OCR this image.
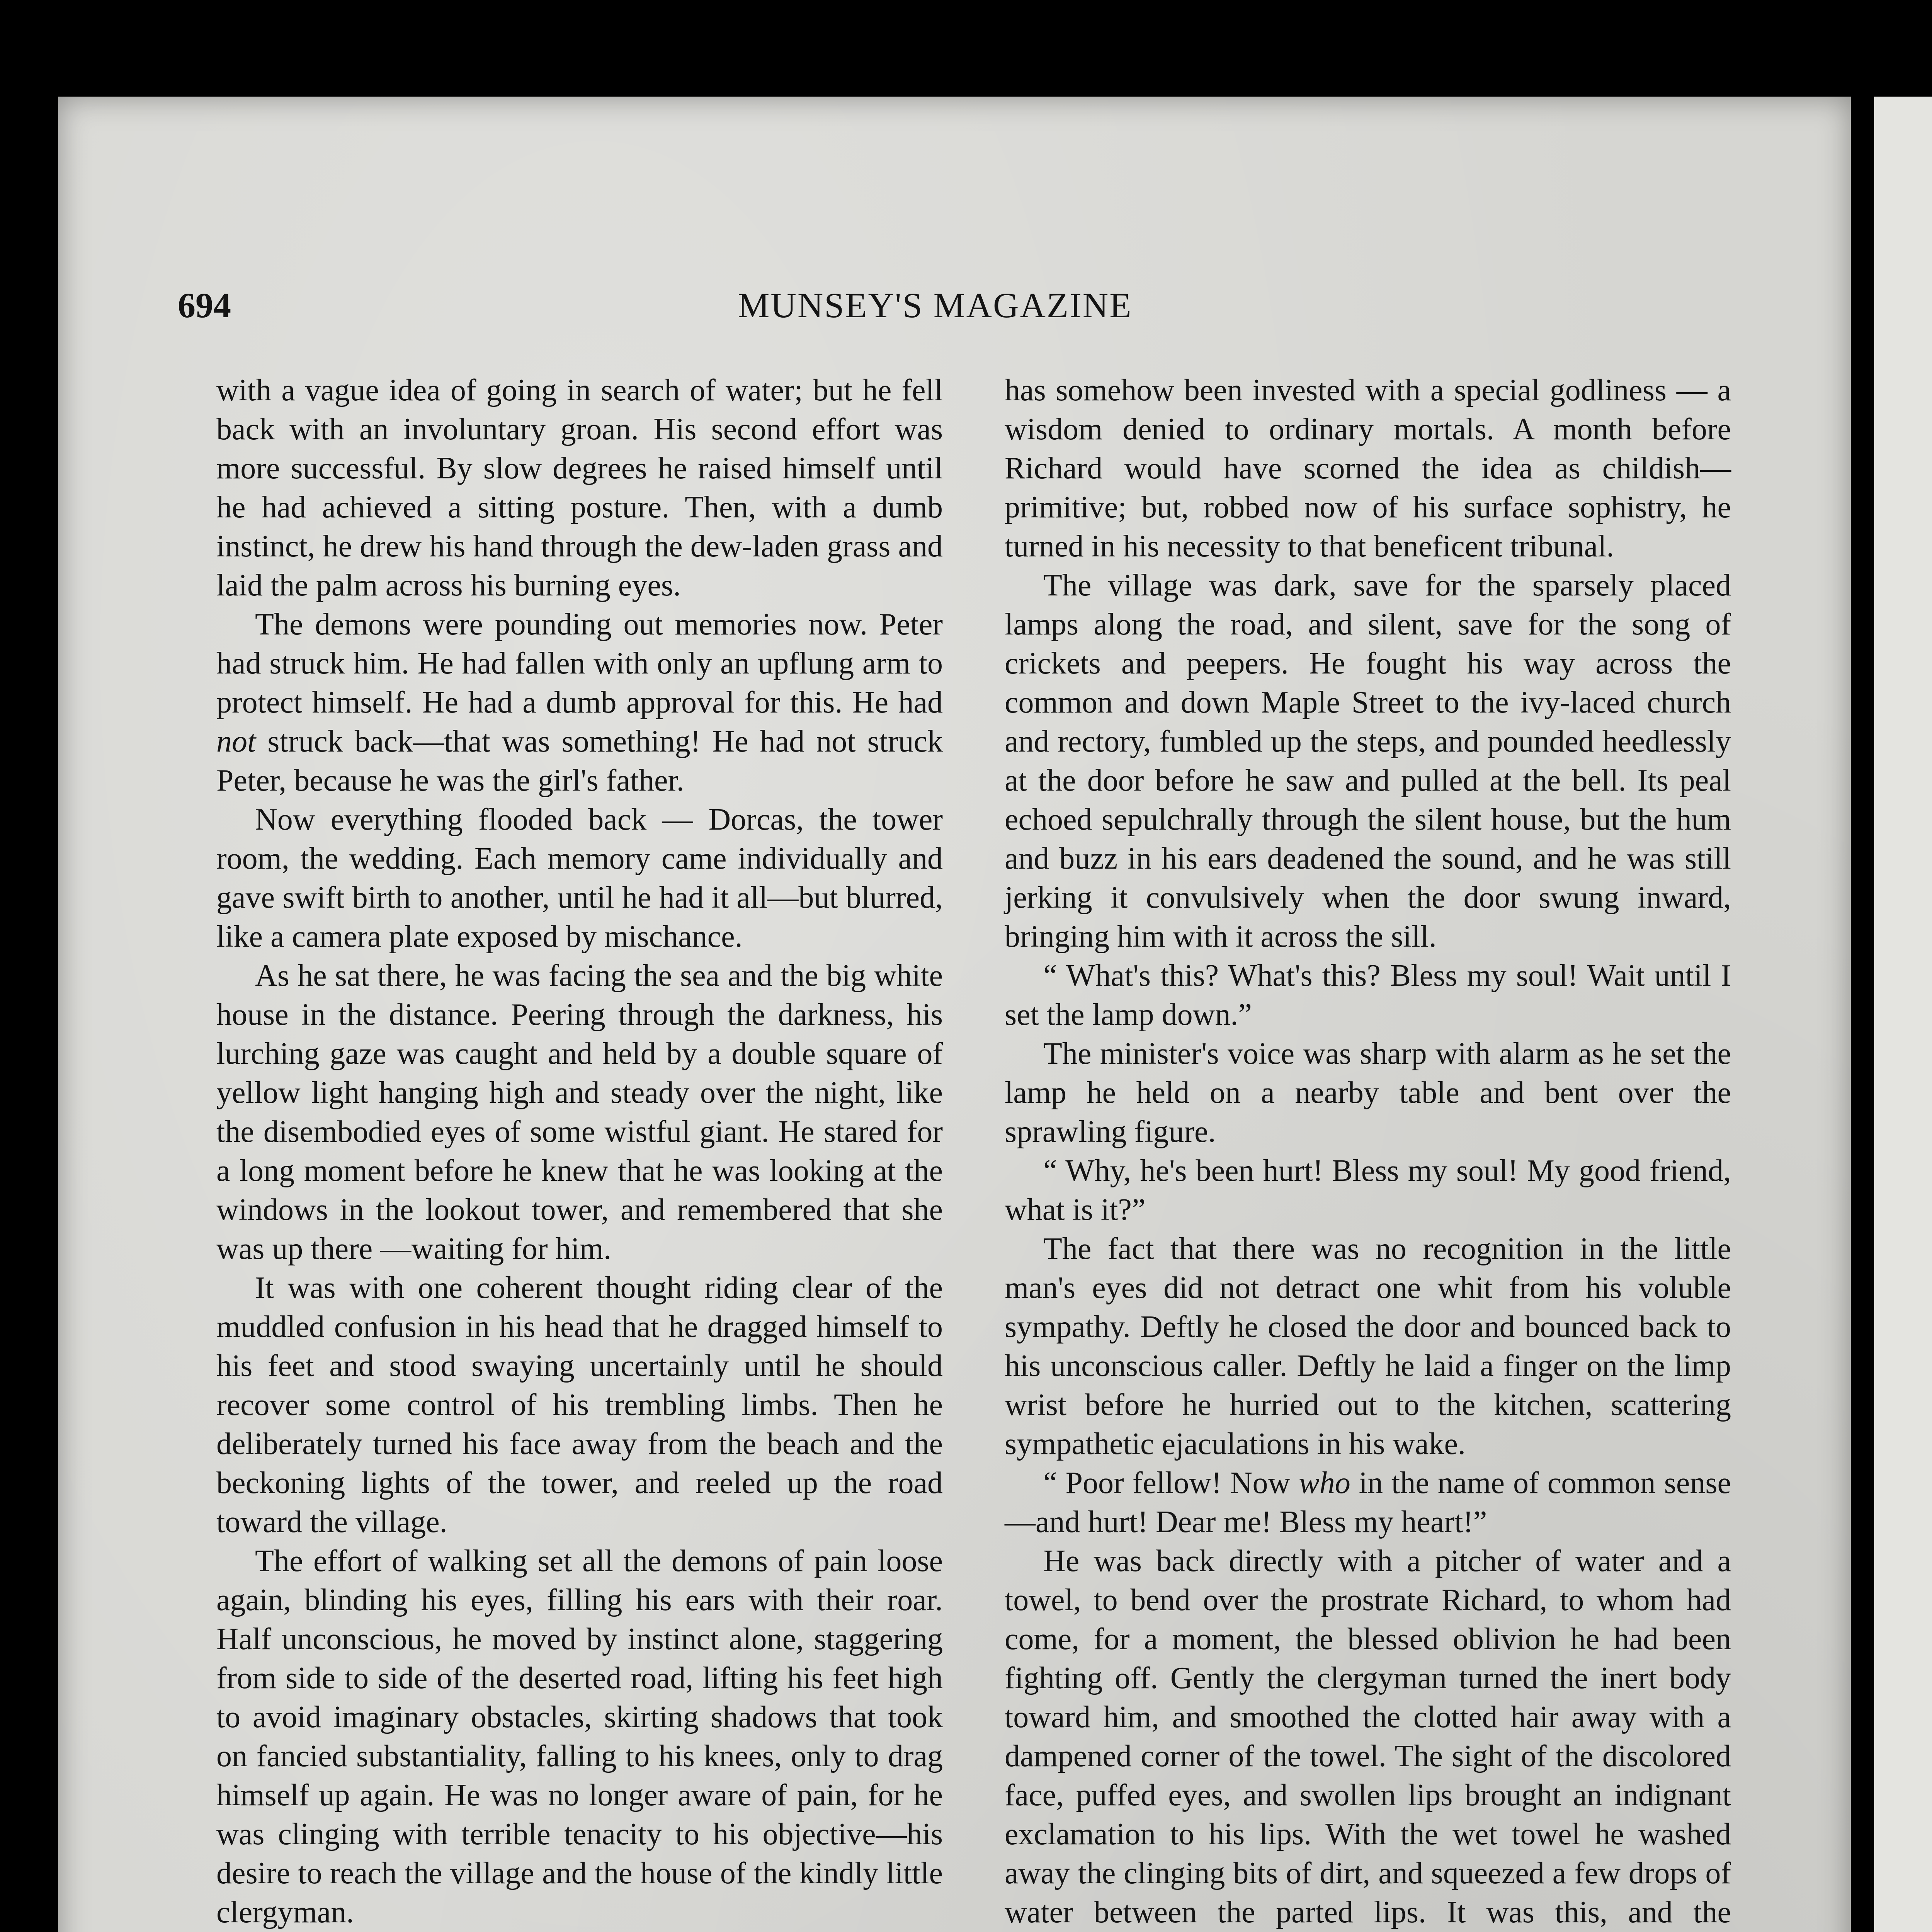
694	MUNSEY'S MAGAZINE

with a vague idea of going in search of water; but he fell back with an involuntary groan. His second effort was more successful. By slow degrees he raised himself until he had achieved a sitting posture. Then, with a dumb instinct, he drew his hand through the dew-laden grass and laid the palm across his burning eyes.

The demons were pounding out memories now. Peter had struck him. He had fallen with only an upflung arm to protect himself. He had a dumb approval for this. He had not struck back—that was something! He had not struck Peter, because he was the girl's father.

Now everything flooded back — Dorcas, the tower room, the wedding. Each memory came individually and gave swift birth to another, until he had it all—but blurred, like a camera plate exposed by mischance.

As he sat there, he was facing the sea and the big white house in the distance. Peering through the darkness, his lurching gaze was caught and held by a double square of yellow light hanging high and steady over the night, like the disembodied eyes of some wistful giant. He stared for a long moment before he knew that he was looking at the windows in the lookout tower, and remembered that she was up there —waiting for him.

It was with one coherent thought riding clear of the muddled confusion in his head that he dragged himself to his feet and stood swaying uncertainly until he should recover some control of his trembling limbs. Then he deliberately turned his face away from the beach and the beckoning lights of the tower, and reeled up the road toward the village.

The effort of walking set all the demons of pain loose again, blinding his eyes, filling his ears with their roar. Half unconscious, he moved by instinct alone, staggering from side to side of the deserted road, lifting his feet high to avoid imaginary obstacles, skirting shadows that took on fancied substantiality, falling to his knees, only to drag himself up again. He was no longer aware of pain, for he was clinging with terrible tenacity to his objective—his desire to reach the village and the house of the kindly little clergyman.

has somehow been invested with a special godliness — a wisdom denied to ordinary mortals. A month before Richard would have scorned the idea as childish—primitive; but, robbed now of his surface sophistry, he turned in his necessity to that beneficent tribunal.

The village was dark, save for the sparsely placed lamps along the road, and silent, save for the song of crickets and peepers. He fought his way across the common and down Maple Street to the ivy-laced church and rectory, fumbled up the steps, and pounded heedlessly at the door before he saw and pulled at the bell. Its peal echoed sepulchrally through the silent house, but the hum and buzz in his ears deadened the sound, and he was still jerking it convulsively when the door swung inward, bringing him with it across the sill.

“ What's this? What's this? Bless my soul! Wait until I set the lamp down.”

The minister's voice was sharp with alarm as he set the lamp he held on a nearby table and bent over the sprawling figure.

“ Why, he's been hurt! Bless my soul! My good friend, what is it?”

The fact that there was no recognition in the little man's eyes did not detract one whit from his voluble sympathy. Deftly he closed the door and bounced back to his unconscious caller. Deftly he laid a finger on the limp wrist before he hurried out to the kitchen, scattering sympathetic ejaculations in his wake.

“ Poor fellow! Now who in the name of common sense—and hurt! Dear me! Bless my heart!”

He was back directly with a pitcher of water and a towel, to bend over the prostrate Richard, to whom had come, for a moment, the blessed oblivion he had been fighting off. Gently the clergyman turned the inert body toward him, and smoothed the clotted hair away with a dampened corner of the towel. The sight of the discolored face, puffed eyes, and swollen lips brought an indignant exclamation to his lips. With the wet towel he washed away the clinging bits of dirt, and squeezed a few drops of water between the parted lips. It was this, and the
